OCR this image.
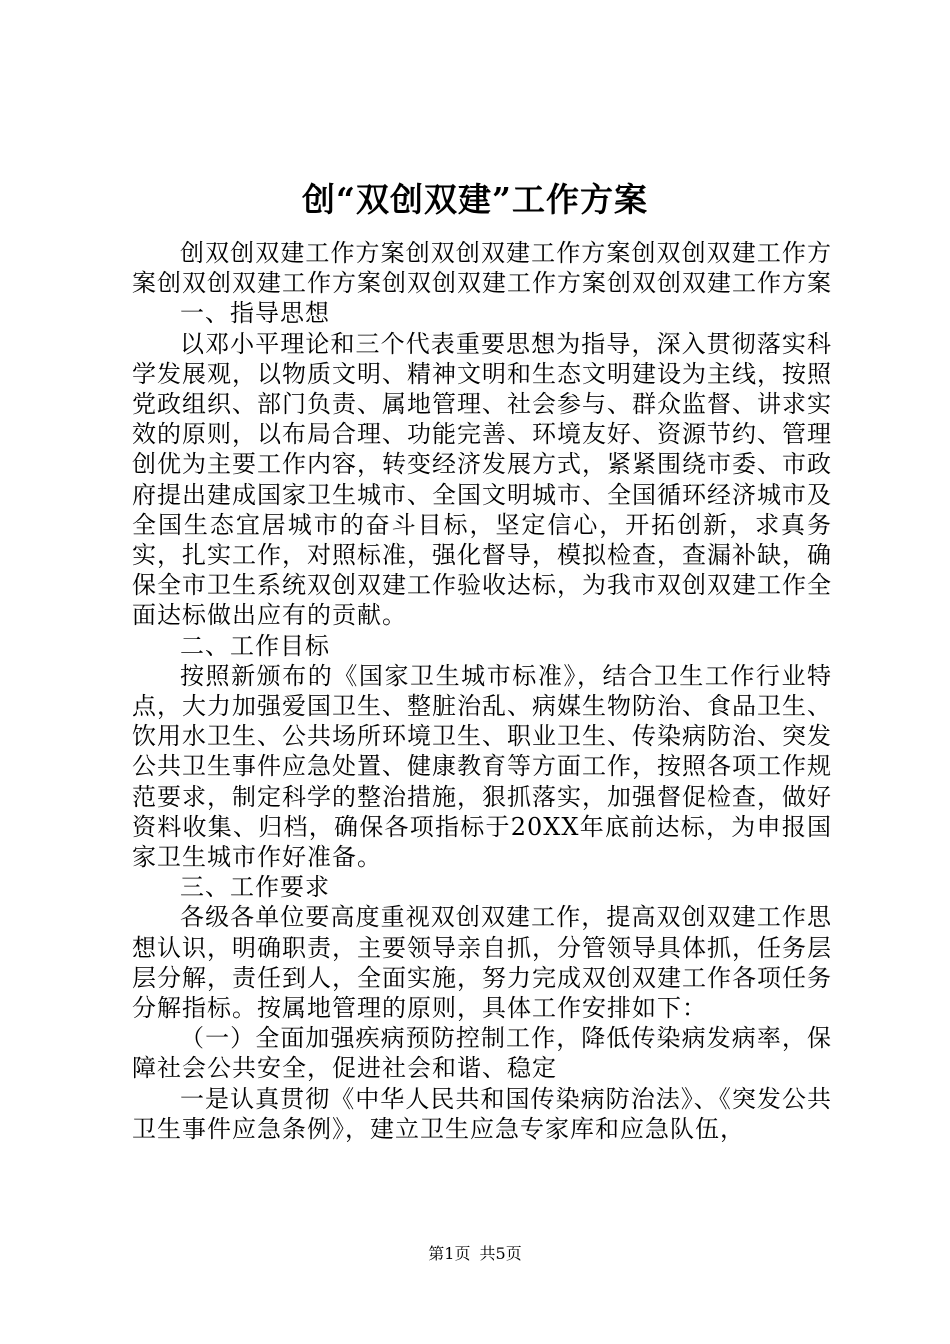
创“双创双建”工作方案

创双创双建工作方案创双创双建工作方案创双创双建工作方案创双创双建工作方案创双创双建工作方案创双创双建工作方案

一、指导思想

以邓小平理论和三个代表重要思想为指导，深入贯彻落实科学发展观，以物质文明、精神文明和生态文明建设为主线，按照党政组织、部门负责、属地管理、社会参与、群众监督、讲求实效的原则，以布局合理、功能完善、环境友好、资源节约、管理创优为主要工作内容，转变经济发展方式，紧紧围绕市委、市政府提出建成国家卫生城市、全国文明城市、全国循环经济城市及全国生态宜居城市的奋斗目标，坚定信心，开拓创新，求真务实，扎实工作，对照标准，强化督导，模拟检查，查漏补缺，确保全市卫生系统双创双建工作验收达标，为我市双创双建工作全面达标做出应有的贡献。

二、工作目标

按照新颁布的《国家卫生城市标准》，结合卫生工作行业特点，大力加强爱国卫生、整脏治乱、病媒生物防治、食品卫生、饮用水卫生、公共场所环境卫生、职业卫生、传染病防治、突发公共卫生事件应急处置、健康教育等方面工作，按照各项工作规范要求，制定科学的整治措施，狠抓落实，加强督促检查，做好资料收集、归档，确保各项指标于20XX年底前达标，为申报国家卫生城市作好准备。

三、工作要求

各级各单位要高度重视双创双建工作，提高双创双建工作思想认识，明确职责，主要领导亲自抓，分管领导具体抓，任务层层分解，责任到人，全面实施，努力完成双创双建工作各项任务分解指标。按属地管理的原则，具体工作安排如下：

（一）全面加强疾病预防控制工作，降低传染病发病率，保障社会公共安全，促进社会和谐、稳定

一是认真贯彻《中华人民共和国传染病防治法》、《突发公共卫生事件应急条例》，建立卫生应急专家库和应急队伍，

第1页 共5页
